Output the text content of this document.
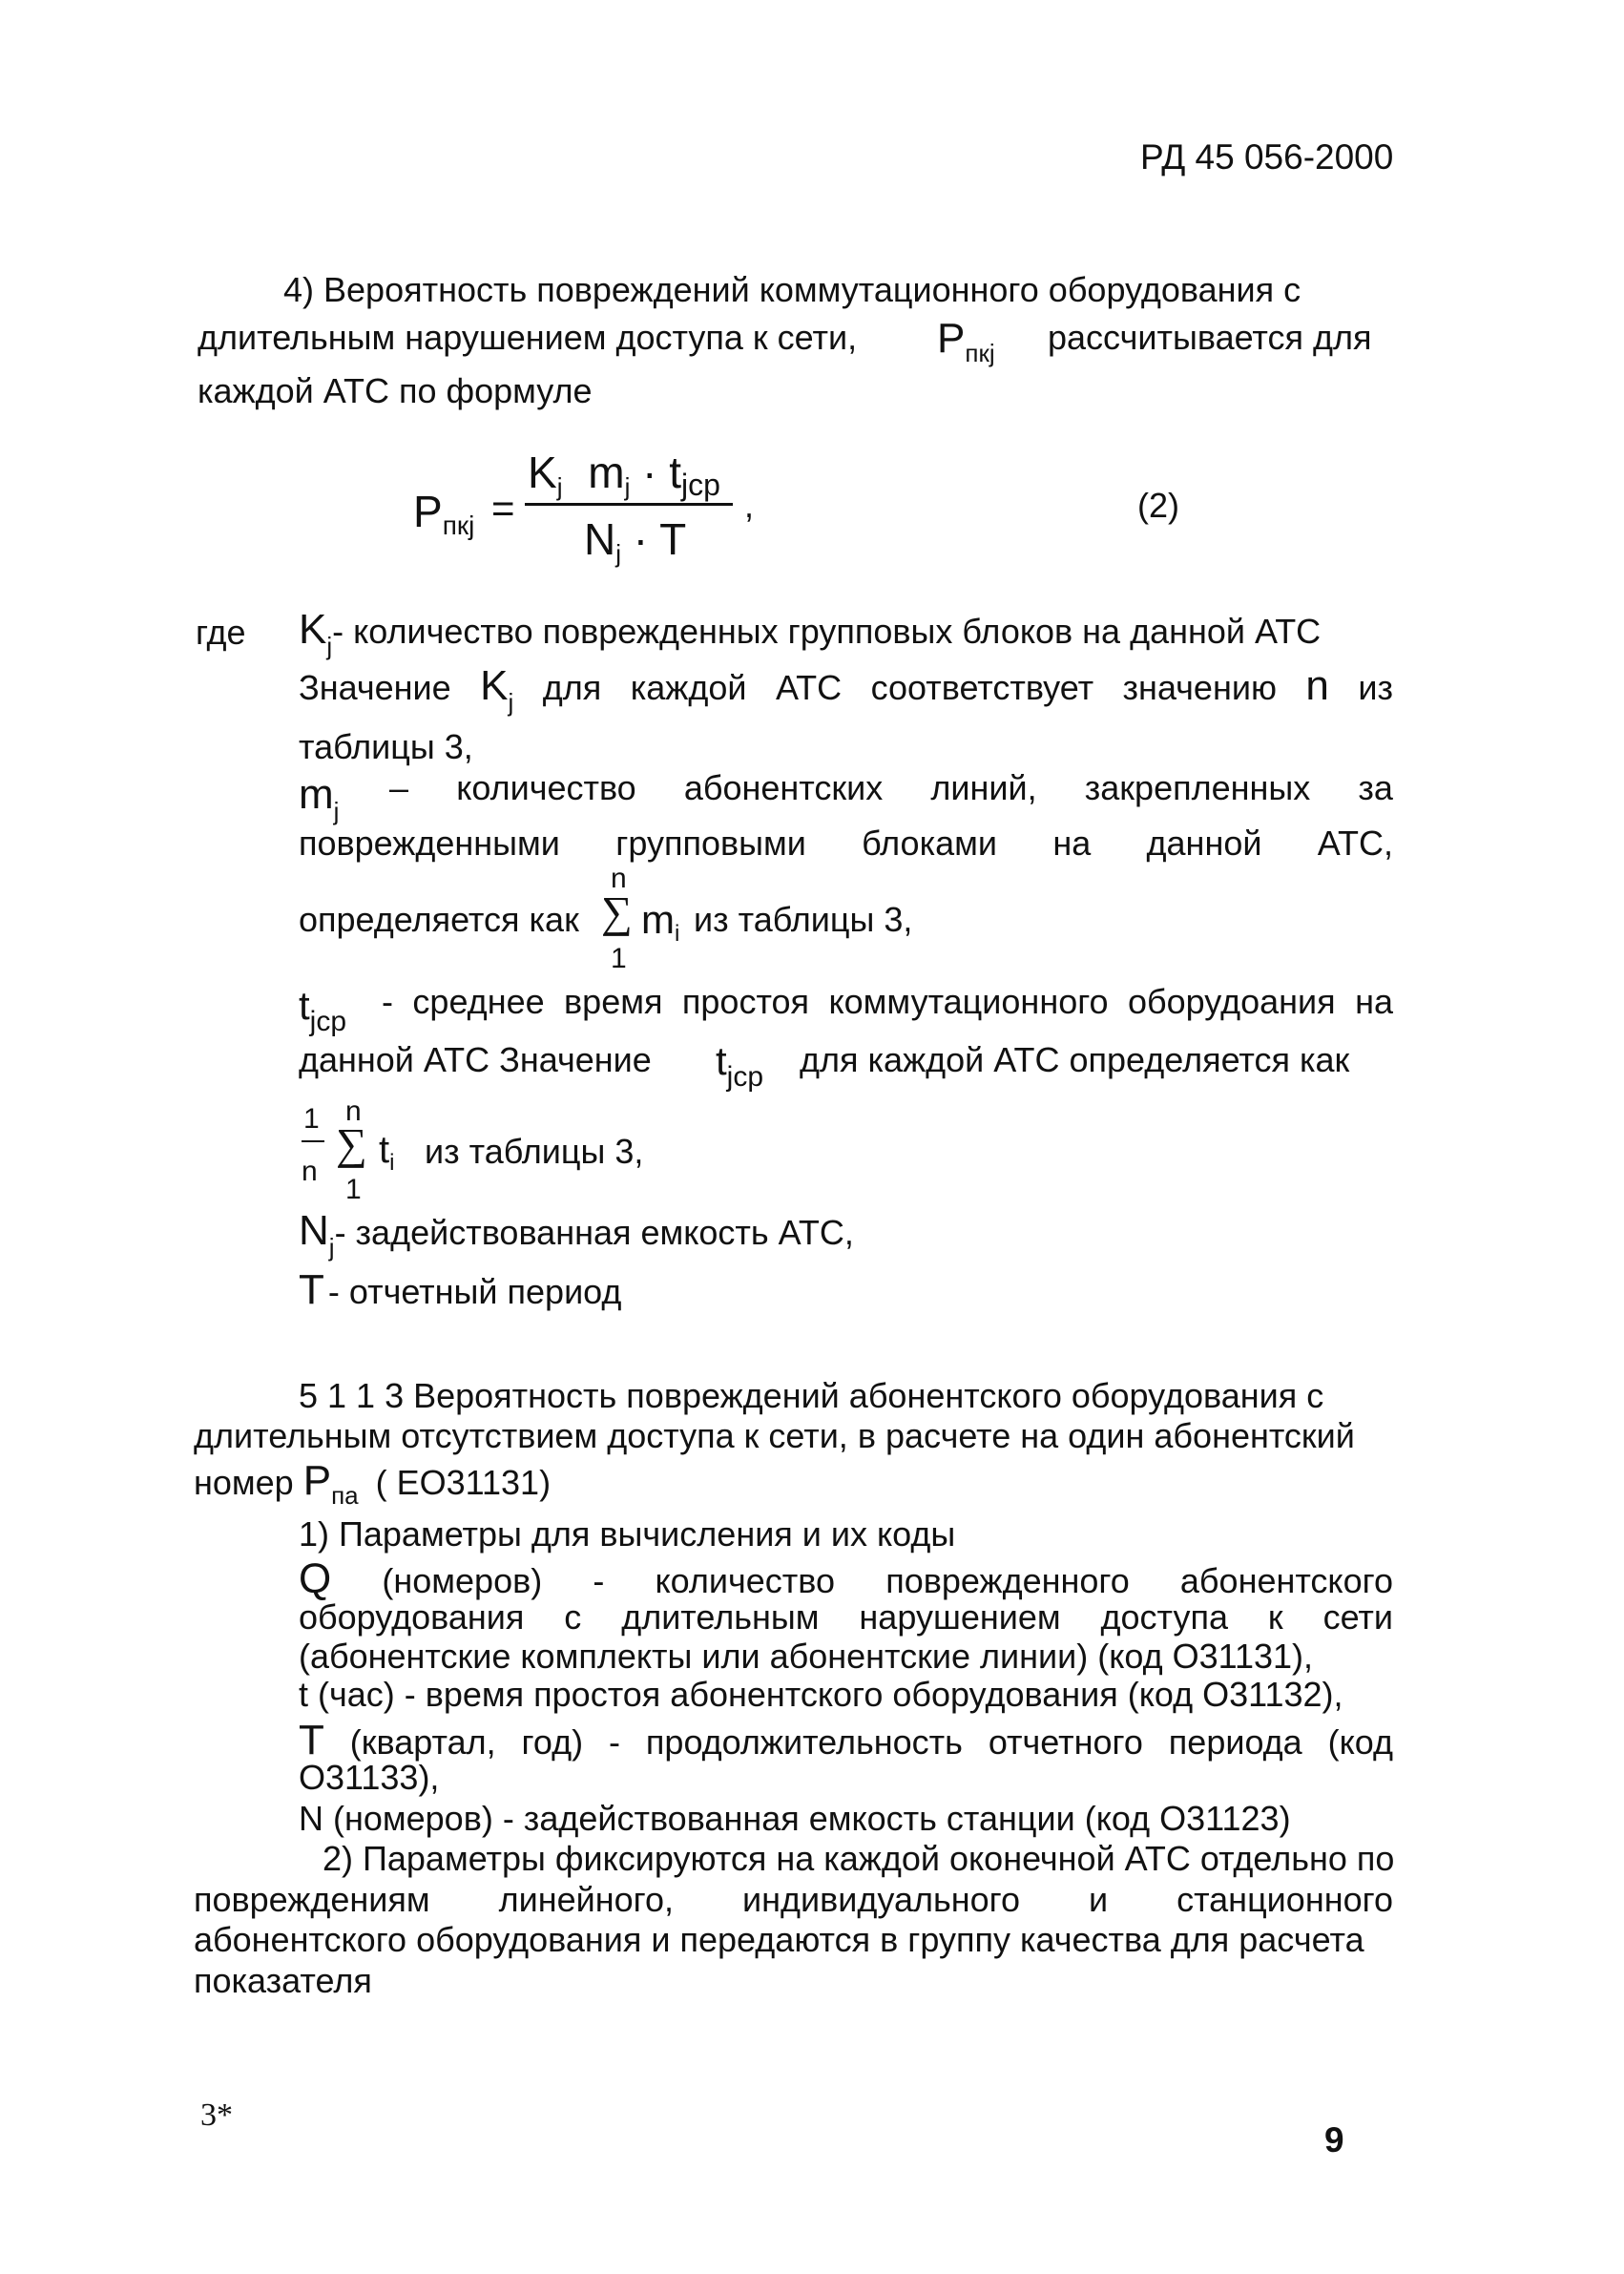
РД 45 056-2000
4) Вероятность повреждений коммутационного оборудования с
длительным нарушением доступа к сети, $P_{пкj}$ рассчитывается для
каждой АТС по формуле
Pпкj =
Kj mj · tjср
Nj · T
,	(2)
где $K_j-$ количество поврежденных групповых блоков на данной АТС
Значение $K_j$ для каждой АТС соответствует значению n из
таблицы 3,
$m_j$
– количество абонентских линий, закрепленных за
поврежденными групповыми блоками на данной АТС,
определяется как
n
∑
1
mi из таблицы 3,
$t_{jср}$
- среднее время простоя коммутационного оборудоания на
данной АТС Значение $t_{jср}$ для каждой АТС определяется как
1
n
n
∑
1
$t_i$ из таблицы 3,
$N_j-$ задействованная емкость АТС,
T - отчетный период
5 1 1 3 Вероятность повреждений абонентского оборудования с
длительным отсутствием доступа к сети, в расчете на один абонентский
номер $P_{па}$ ( ЕО31131)
1) Параметры для вычисления и их коды
Q (номеров) - количество поврежденного абонентского
оборудования с длительным нарушением доступа к сети
(абонентские комплекты или абонентские линии) (код О31131),
t (час) - время простоя абонентского оборудования (код О31132),
T (квартал, год) - продолжительность отчетного периода (код
О31133),
N (номеров) - задействованная емкость станции (код О31123)
2) Параметры фиксируются на каждой оконечной АТС отдельно по
повреждениям линейного, индивидуального и станционного
абонентского оборудования и передаются в группу качества для расчета
показателя
3*
9
